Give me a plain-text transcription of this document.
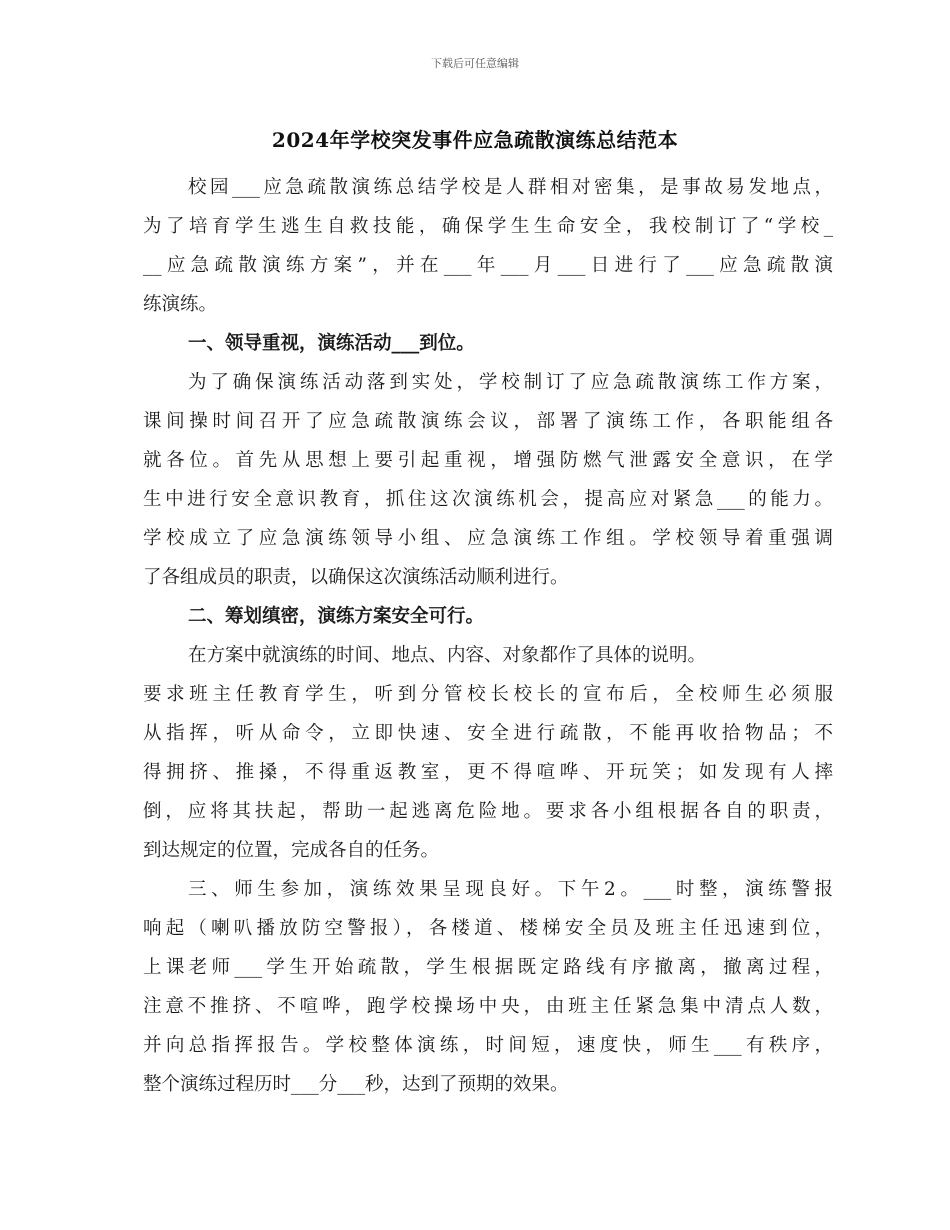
下载后可任意编辑
2024年学校突发事件应急疏散演练总结范本
校园___应急疏散演练总结学校是人群相对密集，是事故易发地点，
为了培育学生逃生自救技能，确保学生生命安全，我校制订了“学校_
__应急疏散演练方案”，并在___年___月___日进行了___应急疏散演
练演练。
一、领导重视，演练活动___到位。
为了确保演练活动落到实处，学校制订了应急疏散演练工作方案，
课间操时间召开了应急疏散演练会议，部署了演练工作，各职能组各
就各位。首先从思想上要引起重视，增强防燃气泄露安全意识，在学
生中进行安全意识教育，抓住这次演练机会，提高应对紧急___的能力。
学校成立了应急演练领导小组、应急演练工作组。学校领导着重强调
了各组成员的职责，以确保这次演练活动顺利进行。
二、筹划缜密，演练方案安全可行。
在方案中就演练的时间、地点、内容、对象都作了具体的说明。
要求班主任教育学生，听到分管校长校长的宣布后，全校师生必须服
从指挥，听从命令，立即快速、安全进行疏散，不能再收拾物品；不
得拥挤、推搡，不得重返教室，更不得喧哗、开玩笑；如发现有人摔
倒，应将其扶起，帮助一起逃离危险地。要求各小组根据各自的职责，
到达规定的位置，完成各自的任务。
三、师生参加，演练效果呈现良好。下午2。___时整，演练警报
响起（喇叭播放防空警报），各楼道、楼梯安全员及班主任迅速到位，
上课老师___学生开始疏散，学生根据既定路线有序撤离，撤离过程，
注意不推挤、不喧哗，跑学校操场中央，由班主任紧急集中清点人数，
并向总指挥报告。学校整体演练，时间短，速度快，师生___有秩序，
整个演练过程历时___分___秒，达到了预期的效果。
